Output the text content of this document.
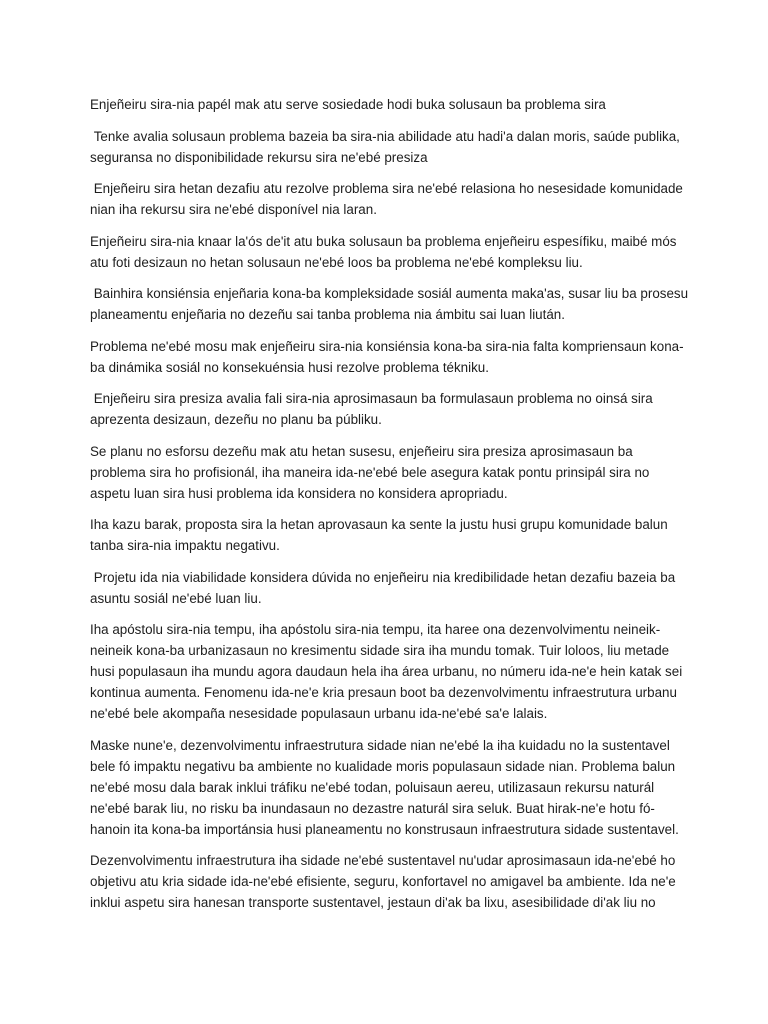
Enjeñeiru sira-nia papél mak atu serve sosiedade hodi buka solusaun ba problema sira

Tenke avalia solusaun problema bazeia ba sira-nia abilidade atu hadi'a dalan moris, saúde publika, seguransa no disponibilidade rekursu sira ne'ebé presiza

Enjeñeiru sira hetan dezafiu atu rezolve problema sira ne'ebé relasiona ho nesesidade komunidade nian iha rekursu sira ne'ebé disponível nia laran.

Enjeñeiru sira-nia knaar la'ós de'it atu buka solusaun ba problema enjeñeiru espesífiku, maibé mós atu foti desizaun no hetan solusaun ne'ebé loos ba problema ne'ebé kompleksu liu.

Bainhira konsiénsia enjeñaria kona-ba kompleksidade sosiál aumenta maka'as, susar liu ba prosesu planeamentu enjeñaria no dezeñu sai tanba problema nia ámbitu sai luan liután.

Problema ne'ebé mosu mak enjeñeiru sira-nia konsiénsia kona-ba sira-nia falta kompriensaun kona-ba dinámika sosiál no konsekuénsia husi rezolve problema tékniku.

Enjeñeiru sira presiza avalia fali sira-nia aprosimasaun ba formulasaun problema no oinsá sira aprezenta desizaun, dezeñu no planu ba públiku.

Se planu no esforsu dezeñu mak atu hetan susesu, enjeñeiru sira presiza aprosimasaun ba problema sira ho profisionál, iha maneira ida-ne'ebé bele asegura katak pontu prinsipál sira no aspetu luan sira husi problema ida konsidera no konsidera apropriadu.

Iha kazu barak, proposta sira la hetan aprovasaun ka sente la justu husi grupu komunidade balun tanba sira-nia impaktu negativu.

Projetu ida nia viabilidade konsidera dúvida no enjeñeiru nia kredibilidade hetan dezafiu bazeia ba asuntu sosiál ne'ebé luan liu.

Iha apóstolu sira-nia tempu, iha apóstolu sira-nia tempu, ita haree ona dezenvolvimentu neineik-neineik kona-ba urbanizasaun no kresimentu sidade sira iha mundu tomak. Tuir loloos, liu metade husi populasaun iha mundu agora daudaun hela iha área urbanu, no númeru ida-ne'e hein katak sei kontinua aumenta. Fenomenu ida-ne'e kria presaun boot ba dezenvolvimentu infraestrutura urbanu ne'ebé bele akompaña nesesidade populasaun urbanu ida-ne'ebé sa'e lalais.

Maske nune'e, dezenvolvimentu infraestrutura sidade nian ne'ebé la iha kuidadu no la sustentavel bele fó impaktu negativu ba ambiente no kualidade moris populasaun sidade nian. Problema balun ne'ebé mosu dala barak inklui tráfiku ne'ebé todan, poluisaun aereu, utilizasaun rekursu naturál ne'ebé barak liu, no risku ba inundasaun no dezastre naturál sira seluk. Buat hirak-ne'e hotu fó-hanoin ita kona-ba importánsia husi planeamentu no konstrusaun infraestrutura sidade sustentavel.

Dezenvolvimentu infraestrutura iha sidade ne'ebé sustentavel nu'udar aprosimasaun ida-ne'ebé ho objetivu atu kria sidade ida-ne'ebé efisiente, seguru, konfortavel no amigavel ba ambiente. Ida ne'e inklui aspetu sira hanesan transporte sustentavel, jestaun di'ak ba lixu, asesibilidade di'ak liu no
